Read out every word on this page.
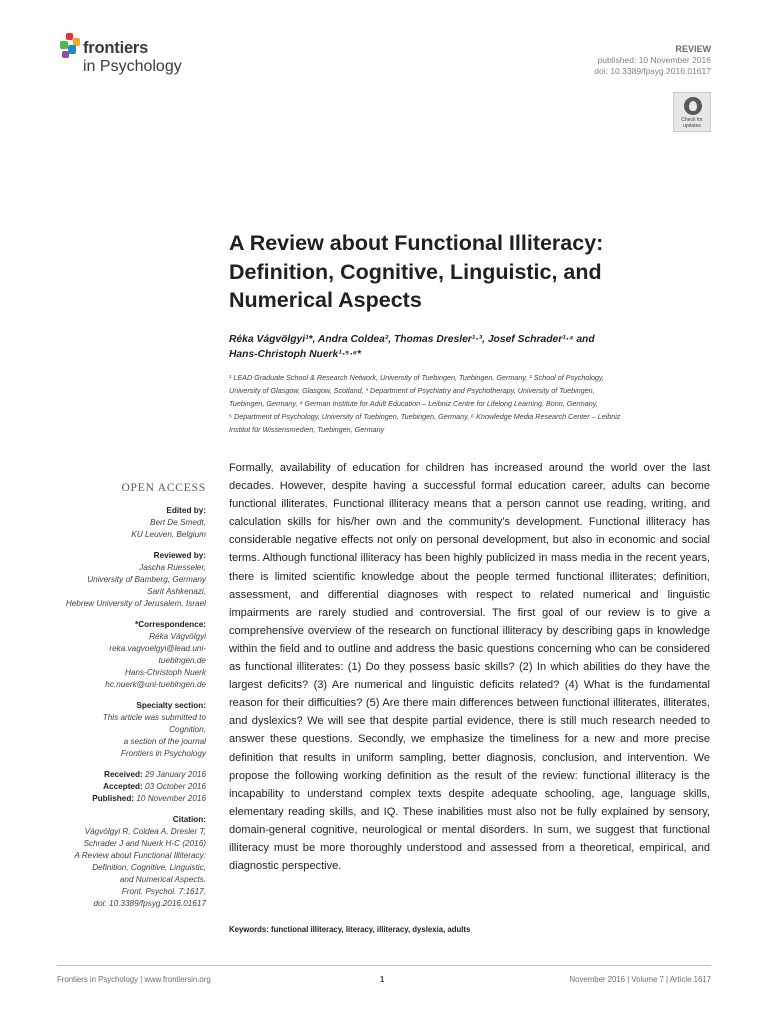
frontiers
in Psychology
REVIEW
published: 10 November 2016
doi: 10.3389/fpsyg.2016.01617
Check for
updates
A Review about Functional Illiteracy:
Definition, Cognitive, Linguistic, and
Numerical Aspects
Réka Vágvölgyi¹*, Andra Coldea², Thomas Dresler¹·³, Josef Schrader¹·⁴ and
Hans-Christoph Nuerk¹·⁵·⁶*
¹ LEAD Graduate School & Research Network, University of Tuebingen, Tuebingen, Germany, ² School of Psychology,
University of Glasgow, Glasgow, Scotland, ³ Department of Psychiatry and Psychotherapy, University of Tuebingen,
Tuebingen, Germany, ⁴ German Institute for Adult Education – Leibniz Centre for Lifelong Learning, Bonn, Germany,
⁵ Department of Psychology, University of Tuebingen, Tuebingen, Germany, ⁶ Knowledge Media Research Center – Leibniz
Institut für Wissensmedien, Tuebingen, Germany
OPEN ACCESS
Edited by:
Bert De Smedt,
KU Leuven, Belgium
Reviewed by:
Jascha Ruesseler,
University of Bamberg, Germany
Sarit Ashkenazi,
Hebrew University of Jerusalem, Israel
*Correspondence:
Réka Vágvölgyi
reka.vagvoelgyi@lead.uni-
tuebingen.de
Hans-Christoph Nuerk
hc.nuerk@uni-tuebingen.de
Specialty section:
This article was submitted to
Cognition,
a section of the journal
Frontiers in Psychology
Received: 29 January 2016
Accepted: 03 October 2016
Published: 10 November 2016
Citation:
Vágvölgyi R, Coldea A, Dresler T,
Schrader J and Nuerk H-C (2016)
A Review about Functional Illiteracy:
Definition, Cognitive, Linguistic,
and Numerical Aspects.
Front. Psychol. 7:1617.
doi: 10.3389/fpsyg.2016.01617
Formally, availability of education for children has increased around the world over the last decades. However, despite having a successful formal education career, adults can become functional illiterates. Functional illiteracy means that a person cannot use reading, writing, and calculation skills for his/her own and the community’s development. Functional illiteracy has considerable negative effects not only on personal development, but also in economic and social terms. Although functional illiteracy has been highly publicized in mass media in the recent years, there is limited scientific knowledge about the people termed functional illiterates; definition, assessment, and differential diagnoses with respect to related numerical and linguistic impairments are rarely studied and controversial. The first goal of our review is to give a comprehensive overview of the research on functional illiteracy by describing gaps in knowledge within the field and to outline and address the basic questions concerning who can be considered as functional illiterates: (1) Do they possess basic skills? (2) In which abilities do they have the largest deficits? (3) Are numerical and linguistic deficits related? (4) What is the fundamental reason for their difficulties? (5) Are there main differences between functional illiterates, illiterates, and dyslexics? We will see that despite partial evidence, there is still much research needed to answer these questions. Secondly, we emphasize the timeliness for a new and more precise definition that results in uniform sampling, better diagnosis, conclusion, and intervention. We propose the following working definition as the result of the review: functional illiteracy is the incapability to understand complex texts despite adequate schooling, age, language skills, elementary reading skills, and IQ. These inabilities must also not be fully explained by sensory, domain-general cognitive, neurological or mental disorders. In sum, we suggest that functional illiteracy must be more thoroughly understood and assessed from a theoretical, empirical, and diagnostic perspective.
Keywords: functional illiteracy, literacy, illiteracy, dyslexia, adults
Frontiers in Psychology | www.frontiersin.org	1	November 2016 | Volume 7 | Article 1617
